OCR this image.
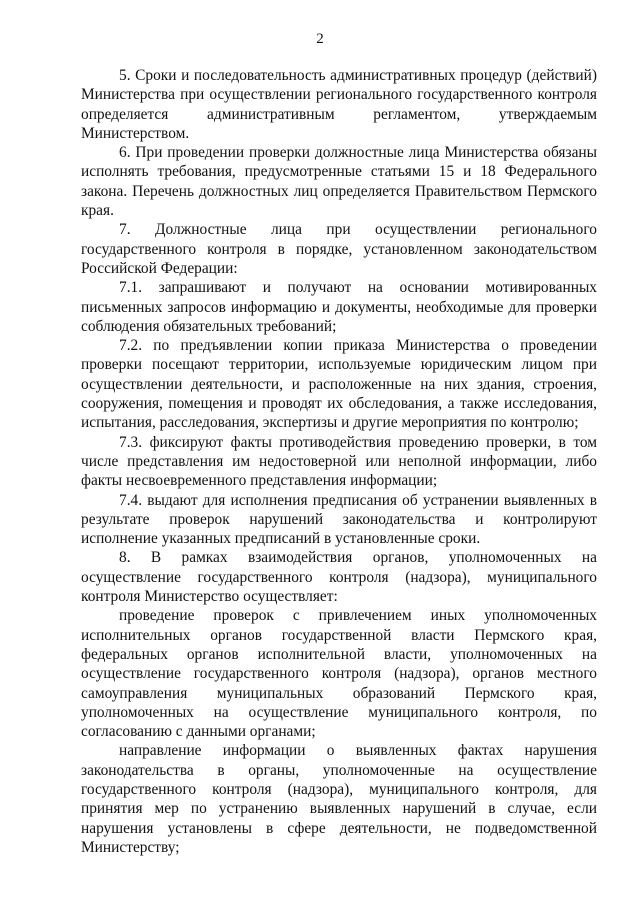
2

5. Сроки и последовательность административных процедур (действий) Министерства при осуществлении регионального государственного контроля определяется административным регламентом, утверждаемым Министерством.

6. При проведении проверки должностные лица Министерства обязаны исполнять требования, предусмотренные статьями 15 и 18 Федерального закона. Перечень должностных лиц определяется Правительством Пермского края.

7. Должностные лица при осуществлении регионального государственного контроля в порядке, установленном законодательством Российской Федерации:

7.1. запрашивают и получают на основании мотивированных письменных запросов информацию и документы, необходимые для проверки соблюдения обязательных требований;

7.2. по предъявлении копии приказа Министерства о проведении проверки посещают территории, используемые юридическим лицом при осуществлении деятельности, и расположенные на них здания, строения, сооружения, помещения и проводят их обследования, а также исследования, испытания, расследования, экспертизы и другие мероприятия по контролю;

7.3. фиксируют факты противодействия проведению проверки, в том числе представления им недостоверной или неполной информации, либо факты несвоевременного представления информации;

7.4. выдают для исполнения предписания об устранении выявленных в результате проверок нарушений законодательства и контролируют исполнение указанных предписаний в установленные сроки.

8. В рамках взаимодействия органов, уполномоченных на осуществление государственного контроля (надзора), муниципального контроля Министерство осуществляет:

проведение проверок с привлечением иных уполномоченных исполнительных органов государственной власти Пермского края, федеральных органов исполнительной власти, уполномоченных на осуществление государственного контроля (надзора), органов местного самоуправления муниципальных образований Пермского края, уполномоченных на осуществление муниципального контроля, по согласованию с данными органами;

направление информации о выявленных фактах нарушения законодательства в органы, уполномоченные на осуществление государственного контроля (надзора), муниципального контроля, для принятия мер по устранению выявленных нарушений в случае, если нарушения установлены в сфере деятельности, не подведомственной Министерству;
